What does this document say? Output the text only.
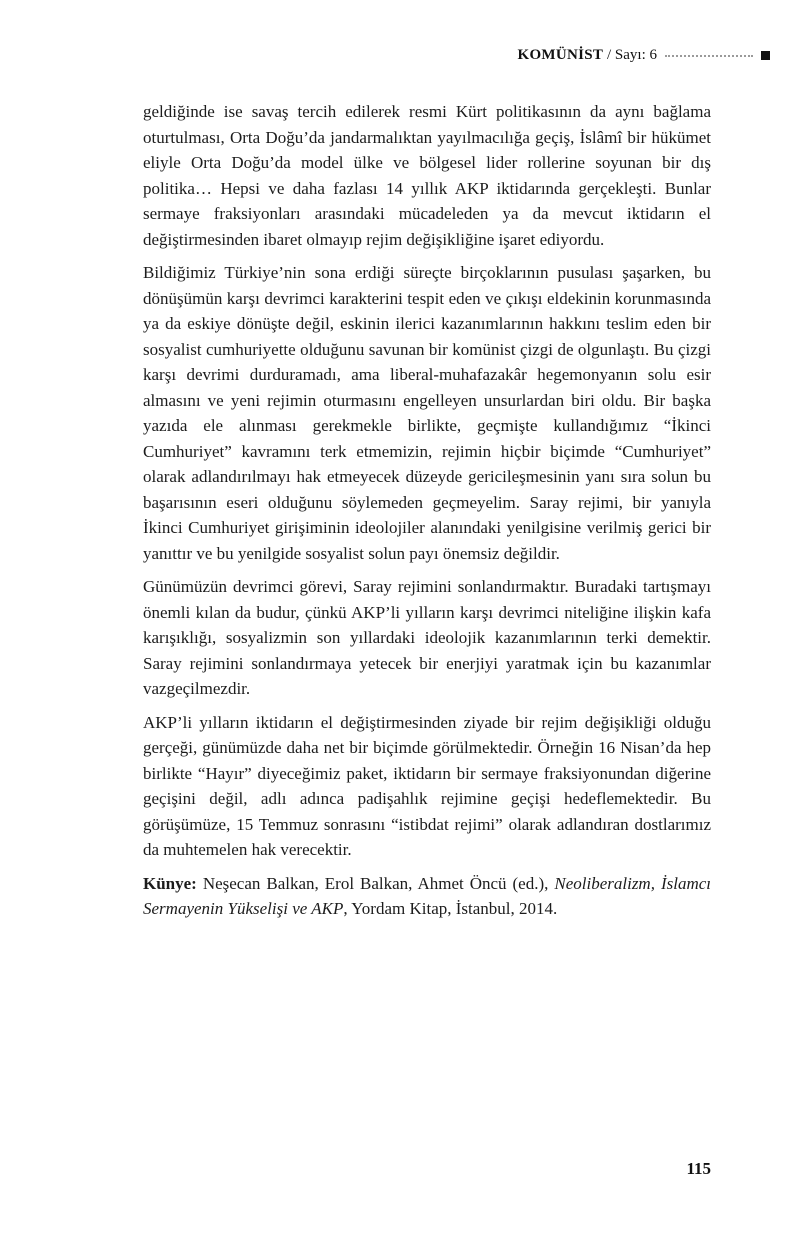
KOMÜNİST / Sayı: 6

geldiğinde ise savaş tercih edilerek resmi Kürt politikasının da aynı bağlama oturtulması, Orta Doğu’da jandarmalıktan yayılmacılığa geçiş, İslâmî bir hükümet eliyle Orta Doğu’da model ülke ve bölgesel lider rollerine soyunan bir dış politika… Hepsi ve daha fazlası 14 yıllık AKP iktidarında gerçekleşti. Bunlar sermaye fraksiyonları arasındaki mücadeleden ya da mevcut iktidarın el değiştirmesinden ibaret olmayıp rejim değişikliğine işaret ediyordu.

Bildiğimiz Türkiye’nin sona erdiği süreçte birçoklarının pusulası şaşarken, bu dönüşümün karşı devrimci karakterini tespit eden ve çıkışı eldekinin korunmasında ya da eskiye dönüşte değil, eskinin ilerici kazanımlarının hakkını teslim eden bir sosyalist cumhuriyette olduğunu savunan bir komünist çizgi de olgunlaştı. Bu çizgi karşı devrimi durduramadı, ama liberal-muhafazakâr hegemonyanın solu esir almasını ve yeni rejimin oturmasını engelleyen unsurlardan biri oldu. Bir başka yazıda ele alınması gerekmekle birlikte, geçmişte kullandığımız “İkinci Cumhuriyet” kavramını terk etmemizin, rejimin hiçbir biçimde “Cumhuriyet” olarak adlandırılmayı hak etmeyecek düzeyde gericileşmesinin yanı sıra solun bu başarısının eseri olduğunu söylemeden geçmeyelim. Saray rejimi, bir yanıyla İkinci Cumhuriyet girişiminin ideolojiler alanındaki yenilgisine verilmiş gerici bir yanıttır ve bu yenilgide sosyalist solun payı önemsiz değildir.

Günümüzün devrimci görevi, Saray rejimini sonlandırmaktır. Buradaki tartışmayı önemli kılan da budur, çünkü AKP’li yılların karşı devrimci niteliğine ilişkin kafa karışıklığı, sosyalizmin son yıllardaki ideolojik kazanımlarının terki demektir. Saray rejimini sonlandırmaya yetecek bir enerjiyi yaratmak için bu kazanımlar vazgeçilmezdir.

AKP’li yılların iktidarın el değiştirmesinden ziyade bir rejim değişikliği olduğu gerçeği, günümüzde daha net bir biçimde görülmektedir. Örneğin 16 Nisan’da hep birlikte “Hayır” diyeceğimiz paket, iktidarın bir sermaye fraksiyonundan diğerine geçişini değil, adlı adınca padişahlık rejimine geçişi hedeflemektedir. Bu görüşümüze, 15 Temmuz sonrasını “istibdat rejimi” olarak adlandıran dostlarımız da muhtemelen hak verecektir.

Künye: Neşecan Balkan, Erol Balkan, Ahmet Öncü (ed.), Neoliberalizm, İslamcı Sermayenin Yükselişi ve AKP, Yordam Kitap, İstanbul, 2014.

115
